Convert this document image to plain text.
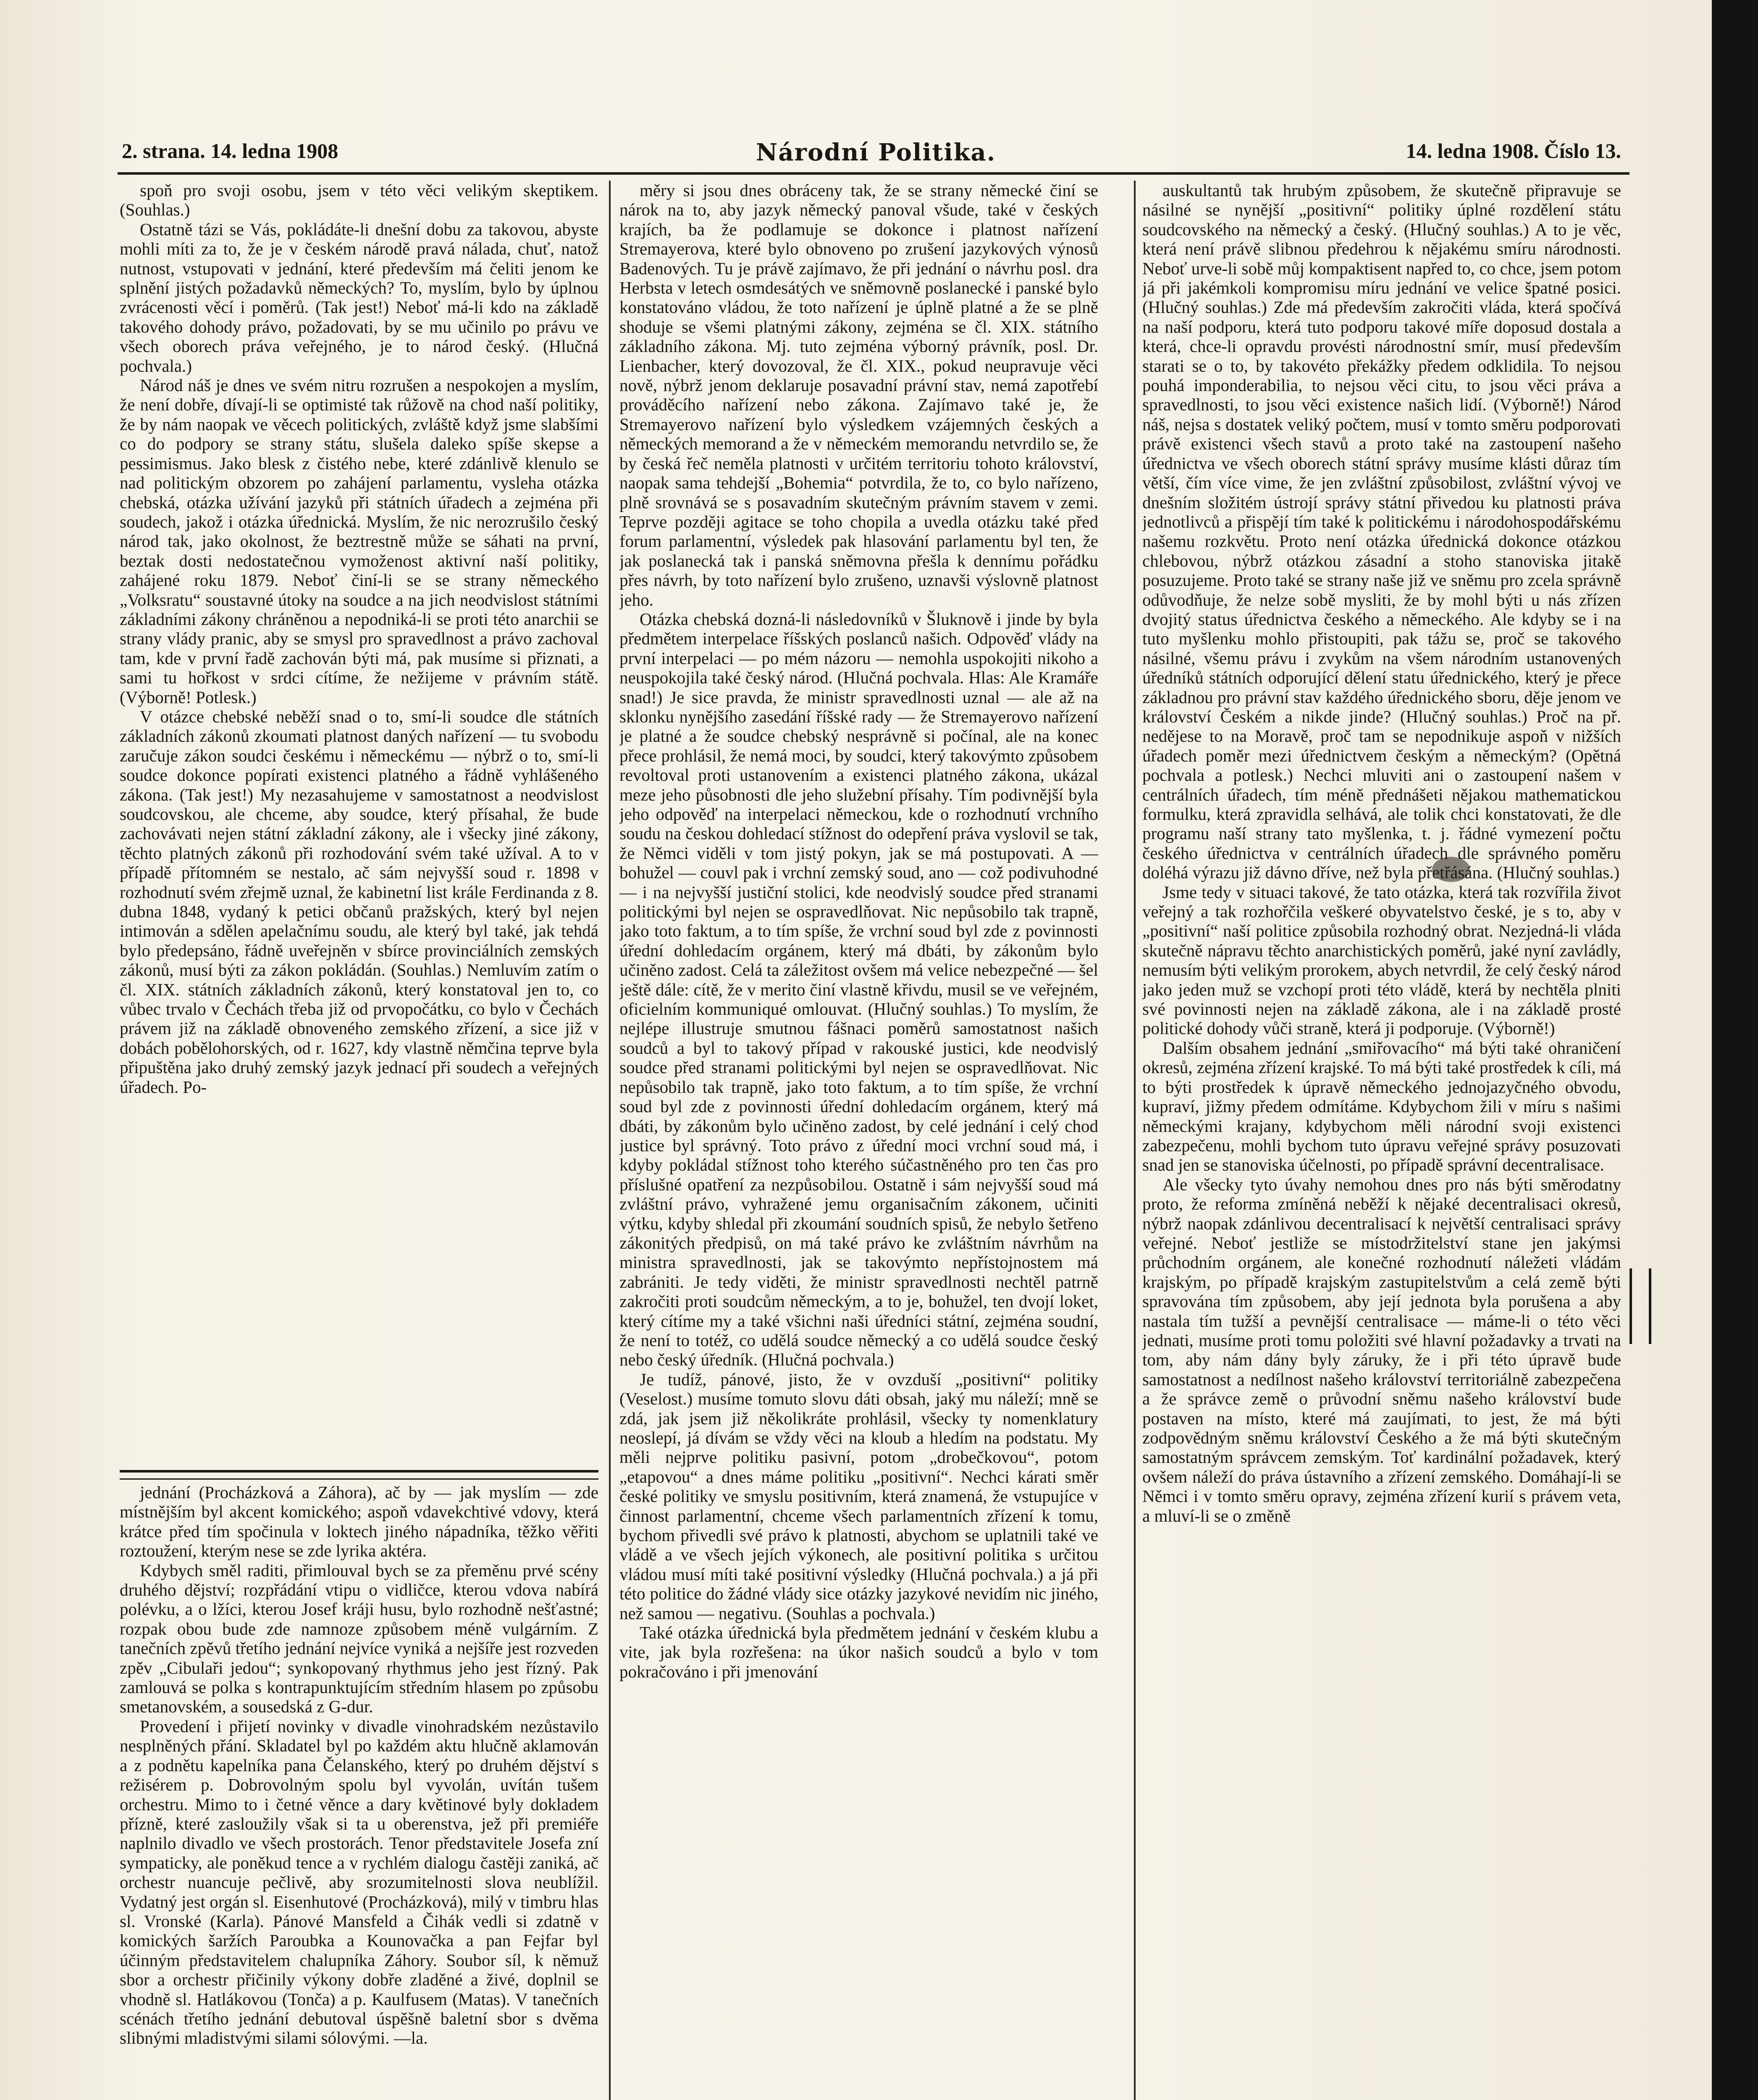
2. strana. 14. ledna 1908	Národní Politika.	14. ledna 1908. Číslo 13.

spoň pro svoji osobu, jsem v této věci velikým skeptikem. (Souhlas.)

Ostatně tázi se Vás, pokládáte-li dnešní dobu za takovou, abyste mohli míti za to, že je v českém národě pravá nálada, chuť, natož nutnost, vstupovati v jednání, které především má čeliti jenom ke splnění jistých požadavků německých? To, myslím, bylo by úplnou zvrácenosti věcí i poměrů. (Tak jest!) Neboť má-li kdo na základě takového dohody právo, požadovati, by se mu učinilo po právu ve všech oborech práva veřejného, je to národ český. (Hlučná pochvala.)

Národ náš je dnes ve svém nitru rozrušen a nespokojen a myslím, že není dobře, dívají-li se optimisté tak růžově na chod naší politiky, že by nám naopak ve věcech politických, zvláště když jsme slabšími co do podpory se strany státu, slušela daleko spíše skepse a pessimismus. Jako blesk z čistého nebe, které zdánlivě klenulo se nad politickým obzorem po zahájení parlamentu, vysleha otázka chebská, otázka užívání jazyků při státních úřadech a zejména při soudech, jakož i otázka úřednická. Myslím, že nic nerozrušilo český národ tak, jako okolnost, že beztrestně může se sáhati na první, beztak dosti nedostatečnou vymoženost aktivní naší politiky, zahájené roku 1879. Neboť činí-li se se strany německého „Volksratu“ soustavné útoky na soudce a na jich neodvislost státními základními zákony chráněnou a nepodniká-li se proti této anarchii se strany vlády pranic, aby se smysl pro spravedlnost a právo zachoval tam, kde v první řadě zachován býti má, pak musíme si přiznati, a sami tu hořkost v srdci cítíme, že nežijeme v právním státě. (Výborně! Potlesk.)

V otázce chebské neběží snad o to, smí-li soudce dle státních základních zákonů zkoumati platnost daných nařízení — tu svobodu zaručuje zákon soudci českému i německému — nýbrž o to, smí-li soudce dokonce popírati existenci platného a řádně vyhlášeného zákona. (Tak jest!) My nezasahujeme v samostatnost a neodvislost soudcovskou, ale chceme, aby soudce, který přísahal, že bude zachovávati nejen státní základní zákony, ale i všecky jiné zákony, těchto platných zákonů při rozhodování svém také užíval. A to v případě přítomném se nestalo, ač sám nejvyšší soud r. 1898 v rozhodnutí svém zřejmě uznal, že kabinetní list krále Ferdinanda z 8. dubna 1848, vydaný k petici občanů pražských, který byl nejen intimován a sdělen apelačnímu soudu, ale který byl také, jak tehdá bylo předepsáno, řádně uveřejněn v sbírce provinciálních zemských zákonů, musí býti za zákon pokládán. (Souhlas.) Nemluvím zatím o čl. XIX. státních základních zákonů, který konstatoval jen to, co vůbec trvalo v Čechách třeba již od prvopočátku, co bylo v Čechách právem již na základě obnoveného zemského zřízení, a sice již v dobách pobělohorských, od r. 1627, kdy vlastně němčina teprve byla připuštěna jako druhý zemský jazyk jednací při soudech a veřejných úřadech. Po-

jednání (Procházková a Záhora), ač by — jak myslím — zde místnějším byl akcent komického; aspoň vdavekchtivé vdovy, která krátce před tím spočinula v loktech jiného nápadníka, těžko věřiti roztoužení, kterým nese se zde lyrika aktéra.

Kdybych směl raditi, přimlouval bych se za přeměnu prvé scény druhého dějství; rozpřádání vtipu o vidličce, kterou vdova nabírá polévku, a o lžíci, kterou Josef kráji husu, bylo rozhodně nešťastné; rozpak obou bude zde namnoze způsobem méně vulgárním. Z tanečních zpěvů třetího jednání nejvíce vyniká a nejšíře jest rozveden zpěv „Cibulaři jedou“; synkopovaný rhythmus jeho jest řízný. Pak zamlouvá se polka s kontrapunktujícím středním hlasem po způsobu smetanovském, a sousedská z G-dur.

Provedení i přijetí novinky v divadle vinohradském nezůstavilo nesplněných přání. Skladatel byl po každém aktu hlučně aklamován a z podnětu kapelníka pana Čelanského, který po druhém dějství s režisérem p. Dobrovolným spolu byl vyvolán, uvítán tušem orchestru. Mimo to i četné věnce a dary květinové byly dokladem přízně, které zasloužily však si ta u oberenstva, jež při premiéře naplnilo divadlo ve všech prostorách. Tenor představitele Josefa zní sympaticky, ale poněkud tence a v rychlém dialogu častěji zaniká, ač orchestr nuancuje pečlivě, aby srozumitelnosti slova neublížil. Vydatný jest orgán sl. Eisenhutové (Procházková), milý v timbru hlas sl. Vronské (Karla). Pánové Mansfeld a Čihák vedli si zdatně v komických šaržích Paroubka a Kounovačka a pan Fejfar byl účinným představitelem chalupníka Záhory. Soubor síl, k němuž sbor a orchestr přičinily výkony dobře zladěné a živé, doplnil se vhodně sl. Hatlákovou (Tonča) a p. Kaulfusem (Matas). V tanečních scénách třetího jednání debutoval úspěšně baletní sbor s dvěma slibnými mladistvými silami sólovými. —la.

měry si jsou dnes obráceny tak, že se strany německé činí se nárok na to, aby jazyk německý panoval všude, také v českých krajích, ba že podlamuje se dokonce i platnost nařízení Stremayerova, které bylo obnoveno po zrušení jazykových výnosů Badenových. Tu je právě zajímavo, že při jednání o návrhu posl. dra Herbsta v letech osmdesátých ve sněmovně poslanecké i panské bylo konstatováno vládou, že toto nařízení je úplně platné a že se plně shoduje se všemi platnými zákony, zejména se čl. XIX. státního základního zákona. Mj. tuto zejména výborný právník, posl. Dr. Lienbacher, který dovozoval, že čl. XIX., pokud neupravuje věci nově, nýbrž jenom deklaruje posavadní právní stav, nemá zapotřebí prováděcího nařízení nebo zákona. Zajímavo také je, že Stremayerovo nařízení bylo výsledkem vzájemných českých a německých memorand a že v německém memorandu netvrdilo se, že by česká řeč neměla platnosti v určitém territoriu tohoto království, naopak sama tehdejší „Bohemia“ potvrdila, že to, co bylo nařízeno, plně srovnává se s posavadním skutečným právním stavem v zemi. Teprve později agitace se toho chopila a uvedla otázku také před forum parlamentní, výsledek pak hlasování parlamentu byl ten, že jak poslanecká tak i panská sněmovna přešla k dennímu pořádku přes návrh, by toto nařízení bylo zrušeno, uznavši výslovně platnost jeho.

Otázka chebská dozná-li následovníků v Šluknově i jinde by byla předmětem interpelace říšských poslanců našich. Odpověď vlády na první interpelaci — po mém názoru — nemohla uspokojiti nikoho a neuspokojila také český národ. (Hlučná pochvala. Hlas: Ale Kramáře snad!) Je sice pravda, že ministr spravedlnosti uznal — ale až na sklonku nynějšího zasedání říšské rady — že Stremayerovo nařízení je platné a že soudce chebský nesprávně si počínal, ale na konec přece prohlásil, že nemá moci, by soudci, který takovýmto způsobem revoltoval proti ustanovením a existenci platného zákona, ukázal meze jeho působnosti dle jeho služební přísahy. Tím podivnější byla jeho odpověď na interpelaci německou, kde o rozhodnutí vrchního soudu na českou dohledací stížnost do odepření práva vyslovil se tak, že Němci viděli v tom jistý pokyn, jak se má postupovati. A — bohužel — couvl pak i vrchní zemský soud, ano — což podivuhodné — i na nejvyšší justiční stolici, kde neodvislý soudce před stranami politickými byl nejen se ospravedlňovat. Nic nepůsobilo tak trapně, jako toto faktum, a to tím spíše, že vrchní soud byl zde z povinnosti úřední dohledacím orgánem, který má dbáti, by zákonům bylo učiněno zadost. Celá ta záležitost ovšem má velice nebezpečné — šel ještě dále: cítě, že v merito činí vlastně křivdu, musil se ve veřejném, oficielním kommuniqué omlouvat. (Hlučný souhlas.) To myslím, že nejlépe illustruje smutnou fášnaci poměrů samostatnost našich soudců a byl to takový případ v rakouské justici, kde neodvislý soudce před stranami politickými byl nejen se ospravedlňovat. Nic nepůsobilo tak trapně, jako toto faktum, a to tím spíše, že vrchní soud byl zde z povinnosti úřední dohledacím orgánem, který má dbáti, by zákonům bylo učiněno zadost, by celé jednání i celý chod justice byl správný. Toto právo z úřední moci vrchní soud má, i kdyby pokládal stížnost toho kterého súčastněného pro ten čas pro příslušné opatření za nezpůsobilou. Ostatně i sám nejvyšší soud má zvláštní právo, vyhražené jemu organisačním zákonem, učiniti výtku, kdyby shledal při zkoumání soudních spisů, že nebylo šetřeno zákonitých předpisů, on má také právo ke zvláštním návrhům na ministra spravedlnosti, jak se takovýmto nepřístojnostem má zabrániti. Je tedy viděti, že ministr spravedlnosti nechtěl patrně zakročiti proti soudcům německým, a to je, bohužel, ten dvojí loket, který cítíme my a také všichni naši úředníci státní, zejména soudní, že není to totéž, co udělá soudce německý a co udělá soudce český nebo český úředník. (Hlučná pochvala.)

Je tudíž, pánové, jisto, že v ovzduší „positivní“ politiky (Veselost.) musíme tomuto slovu dáti obsah, jaký mu náleží; mně se zdá, jak jsem již několikráte prohlásil, všecky ty nomenklatury neoslepí, já dívám se vždy věci na kloub a hledím na podstatu. My měli nejprve politiku pasivní, potom „drobečkovou“, potom „etapovou“ a dnes máme politiku „positivní“. Nechci kárati směr české politiky ve smyslu positivním, která znamená, že vstupujíce v činnost parlamentní, chceme všech parlamentních zřízení k tomu, bychom přivedli své právo k platnosti, abychom se uplatnili také ve vládě a ve všech jejích výkonech, ale positivní politika s určitou vládou musí míti také positivní výsledky (Hlučná pochvala.) a já při této politice do žádné vlády sice otázky jazykové nevidím nic jiného, než samou — negativu. (Souhlas a pochvala.)

Také otázka úřednická byla předmětem jednání v českém klubu a vite, jak byla rozřešena: na úkor našich soudců a bylo v tom pokračováno i při jmenování

auskultantů tak hrubým způsobem, že skutečně připravuje se násilné se nynější „positivní“ politiky úplné rozdělení státu soudcovského na německý a český. (Hlučný souhlas.) A to je věc, která není právě slibnou předehrou k nějakému smíru národnosti. Neboť urve-li sobě můj kompaktisent napřed to, co chce, jsem potom já při jakémkoli kompromisu míru jednání ve velice špatné posici. (Hlučný souhlas.) Zde má především zakročiti vláda, která spočívá na naší podporu, která tuto podporu takové míře doposud dostala a která, chce-li opravdu provésti národnostní smír, musí především starati se o to, by takovéto překážky předem odklidila. To nejsou pouhá imponderabilia, to nejsou věci citu, to jsou věci práva a spravedlnosti, to jsou věci existence našich lidí. (Výborně!) Národ náš, nejsa s dostatek veliký počtem, musí v tomto směru podporovati právě existenci všech stavů a proto také na zastoupení našeho úřednictva ve všech oborech státní správy musíme klásti důraz tím větší, čím více vime, že jen zvláštní způsobilost, zvláštní vývoj ve dnešním složitém ústrojí správy státní přivedou ku platnosti práva jednotlivců a přispějí tím také k politickému i národohospodářskému našemu rozkvětu. Proto není otázka úřednická dokonce otázkou chlebovou, nýbrž otázkou zásadní a stoho stanoviska jitakě posuzujeme. Proto také se strany naše již ve sněmu pro zcela správně odůvodňuje, že nelze sobě mysliti, že by mohl býti u nás zřízen dvojitý status úřednictva českého a německého. Ale kdyby se i na tuto myšlenku mohlo přistoupiti, pak tážu se, proč se takového násilné, všemu právu i zvykům na všem národním ustanovených úředníků státních odporující dělení statu úřednického, který je přece základnou pro právní stav každého úřednického sboru, děje jenom ve království Českém a nikde jinde? (Hlučný souhlas.) Proč na př. nedějese to na Moravě, proč tam se nepodnikuje aspoň v nižších úřadech poměr mezi úřednictvem českým a německým? (Opětná pochvala a potlesk.) Nechci mluviti ani o zastoupení našem v centrálních úřadech, tím méně přednášeti nějakou mathematickou formulku, která zpravidla selhává, ale tolik chci konstatovati, že dle programu naší strany tato myšlenka, t. j. řádné vymezení počtu českého úřednictva v centrálních úřadech dle správného poměru doléhá výrazu již dávno dříve, než byla přetřásána. (Hlučný souhlas.)

Jsme tedy v situaci takové, že tato otázka, která tak rozvířila život veřejný a tak rozhořčila veškeré obyvatelstvo české, je s to, aby v „positivní“ naší politice způsobila rozhodný obrat. Nezjedná-li vláda skutečně nápravu těchto anarchistických poměrů, jaké nyní zavládly, nemusím býti velikým prorokem, abych netvrdil, že celý český národ jako jeden muž se vzchopí proti této vládě, která by nechtěla plniti své povinnosti nejen na základě zákona, ale i na základě prosté politické dohody vůči straně, která ji podporuje. (Výborně!)

Dalším obsahem jednání „smiřovacího“ má býti také ohraničení okresů, zejména zřízení krajské. To má býti také prostředek k cíli, má to býti prostředek k úpravě německého jednojazyčného obvodu, kupraví, jižmy předem odmítáme. Kdybychom žili v míru s našimi německými krajany, kdybychom měli národní svoji existenci zabezpečenu, mohli bychom tuto úpravu veřejné správy posuzovati snad jen se stanoviska účelnosti, po případě správní decentralisace.

Ale všecky tyto úvahy nemohou dnes pro nás býti směrodatny proto, že reforma zmíněná neběží k nějaké decentralisaci okresů, nýbrž naopak zdánlivou decentralisací k největší centralisaci správy veřejné. Neboť jestliže se místodržitelství stane jen jakýmsi průchodním orgánem, ale konečné rozhodnutí náležeti vládám krajským, po případě krajským zastupitelstvům a celá země býti spravována tím způsobem, aby její jednota byla porušena a aby nastala tím tužší a pevnější centralisace — máme-li o této věci jednati, musíme proti tomu položiti své hlavní požadavky a trvati na tom, aby nám dány byly záruky, že i při této úpravě bude samostatnost a nedílnost našeho království territoriálně zabezpečena a že správce země o průvodní sněmu našeho království bude postaven na místo, které má zaujímati, to jest, že má býti zodpovědným sněmu království Českého a že má býti skutečným samostatným správcem zemským. Toť kardinální požadavek, který ovšem náleží do práva ústavního a zřízení zemského. Domáhají-li se Němci i v tomto směru opravy, zejména zřízení kurií s právem veta, a mluví-li se o změně
